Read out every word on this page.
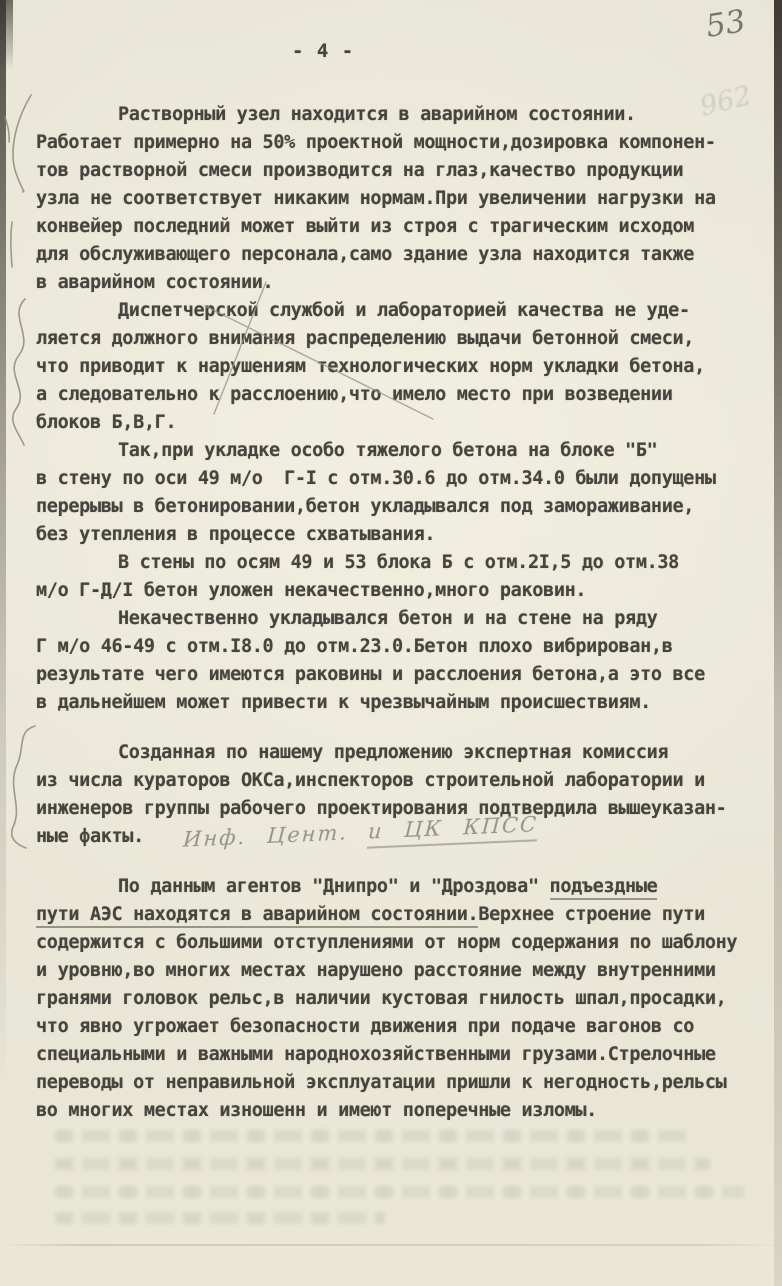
- 4 -
53
962
Растворный узел находится в аварийном состоянии.
Работает примерно на 50% проектной мощности,дозировка компонен-
тов растворной смеси производится на глаз,качество продукции
узла не соответствует никаким нормам.При увеличении нагрузки на
конвейер последний может выйти из строя с трагическим исходом
для обслуживающего персонала,само здание узла находится также
в аварийном состоянии.
Диспетчерской службой и лабораторией качества не уде-
ляется должного внимания распределению выдачи бетонной смеси,
что приводит к нарушениям технологических норм укладки бетона,
а следовательно к расслоению,что имело место при возведении
блоков Б,В,Г.
Так,при укладке особо тяжелого бетона на блоке "Б"
в стену по оси 49 м/о  Г-I с отм.30.6 до отм.34.0 были допущены
перерывы в бетонировании,бетон укладывался под замораживание,
без утепления в процессе схватывания.
В стены по осям 49 и 53 блока Б с отм.2I,5 до отм.38
м/о Г-Д/I бетон уложен некачественно,много раковин.
Некачественно укладывался бетон и на стене на ряду
Г м/о 46-49 с отм.I8.0 до отм.23.0.Бетон плохо вибрирован,в
результате чего имеются раковины и расслоения бетона,а это все
в дальнейшем может привести к чрезвычайным происшествиям.
Созданная по нашему предложению экспертная комиссия
из числа кураторов ОКСа,инспекторов строительной лаборатории и
инженеров группы рабочего проектирования подтвердила вышеуказан-
ные факты.
По данным агентов "Днипро" и "Дроздова" подъездные
пути АЭС находятся в аварийном состоянии.Верхнее строение пути
содержится с большими отступлениями от норм содержания по шаблону
и уровню,во многих местах нарушено расстояние между внутренними
гранями головок рельс,в наличии кустовая гнилость шпал,просадки,
что явно угрожает безопасности движения при подаче вагонов со
специальными и важными народнохозяйственными грузами.Стрелочные
переводы от неправильной эксплуатации пришли к негодность,рельсы
во многих местах изношенн и имеют поперечные изломы.
Инф. Цент. и ЦК КПСС
